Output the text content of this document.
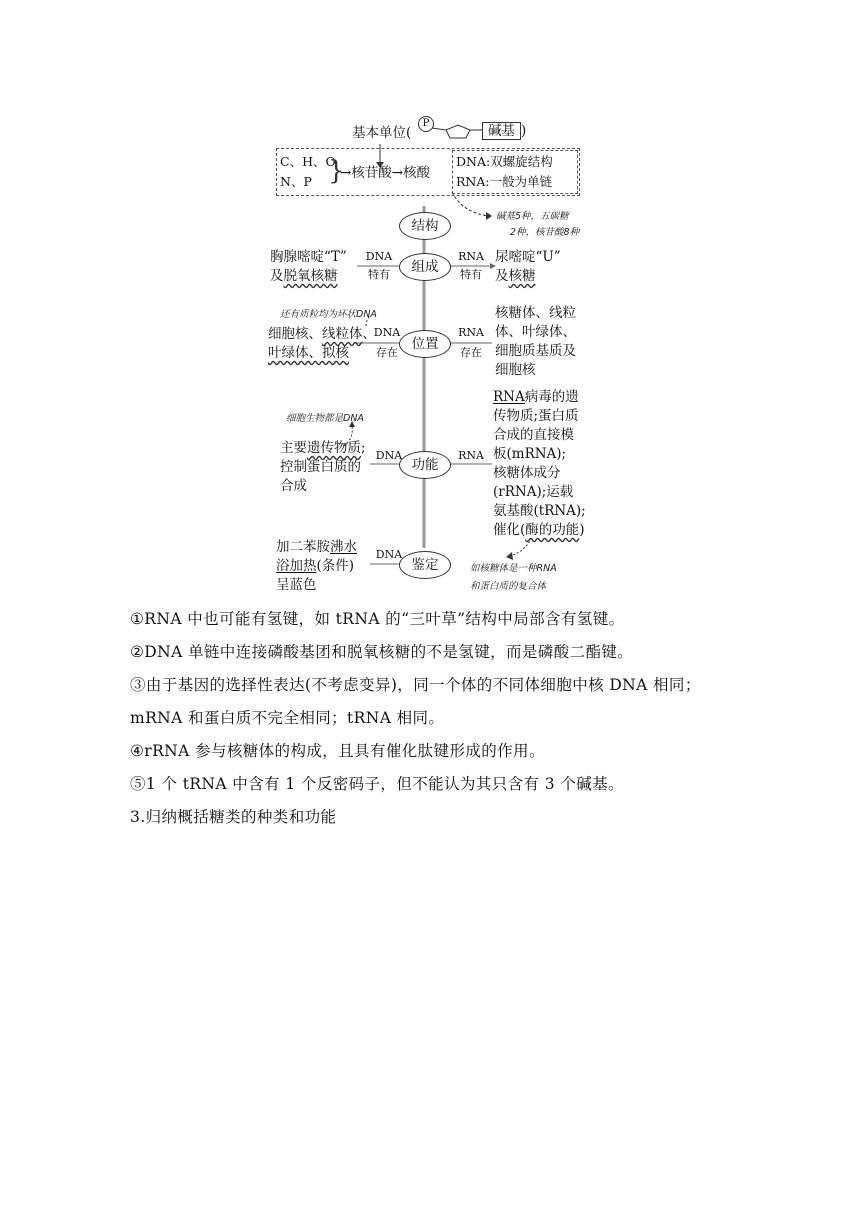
基本单位(
P	碱基 )
C、H、O
N、P }
→核苷酸→核酸
DNA:双螺旋结构
RNA:一般为单链
碱基5种，五碳糖
2种，核苷酸8种
结构
组成
位置
功能
鉴定
胸腺嘧啶“T”
及脱氧核糖
DNA
特有
RNA
特有
尿嘧啶“U”
及核糖
还有质粒均为环状DNA
细胞核、线粒体、
叶绿体、拟核
DNA
存在
RNA
存在
核糖体、线粒
体、叶绿体、
细胞质基质及
细胞核
细胞生物都是DNA
主要遗传物质;
控制蛋白质的
合成
DNA	RNA
RNA病毒的遗
传物质;蛋白质
合成的直接模
板(mRNA);
核糖体成分
(rRNA);运载
氨基酸(tRNA);
催化(酶的功能)
加二苯胺沸水
浴加热(条件)
呈蓝色
DNA
如核糖体是一种RNA
和蛋白质的复合体

①RNA 中也可能有氢键，如 tRNA 的“三叶草”结构中局部含有氢键。

②DNA 单链中连接磷酸基团和脱氧核糖的不是氢键，而是磷酸二酯键。

③由于基因的选择性表达(不考虑变异)，同一个体的不同体细胞中核 DNA 相同；

mRNA 和蛋白质不完全相同；tRNA 相同。

④rRNA 参与核糖体的构成，且具有催化肽键形成的作用。

⑤1 个 tRNA 中含有 1 个反密码子，但不能认为其只含有 3 个碱基。

3.归纳概括糖类的种类和功能
